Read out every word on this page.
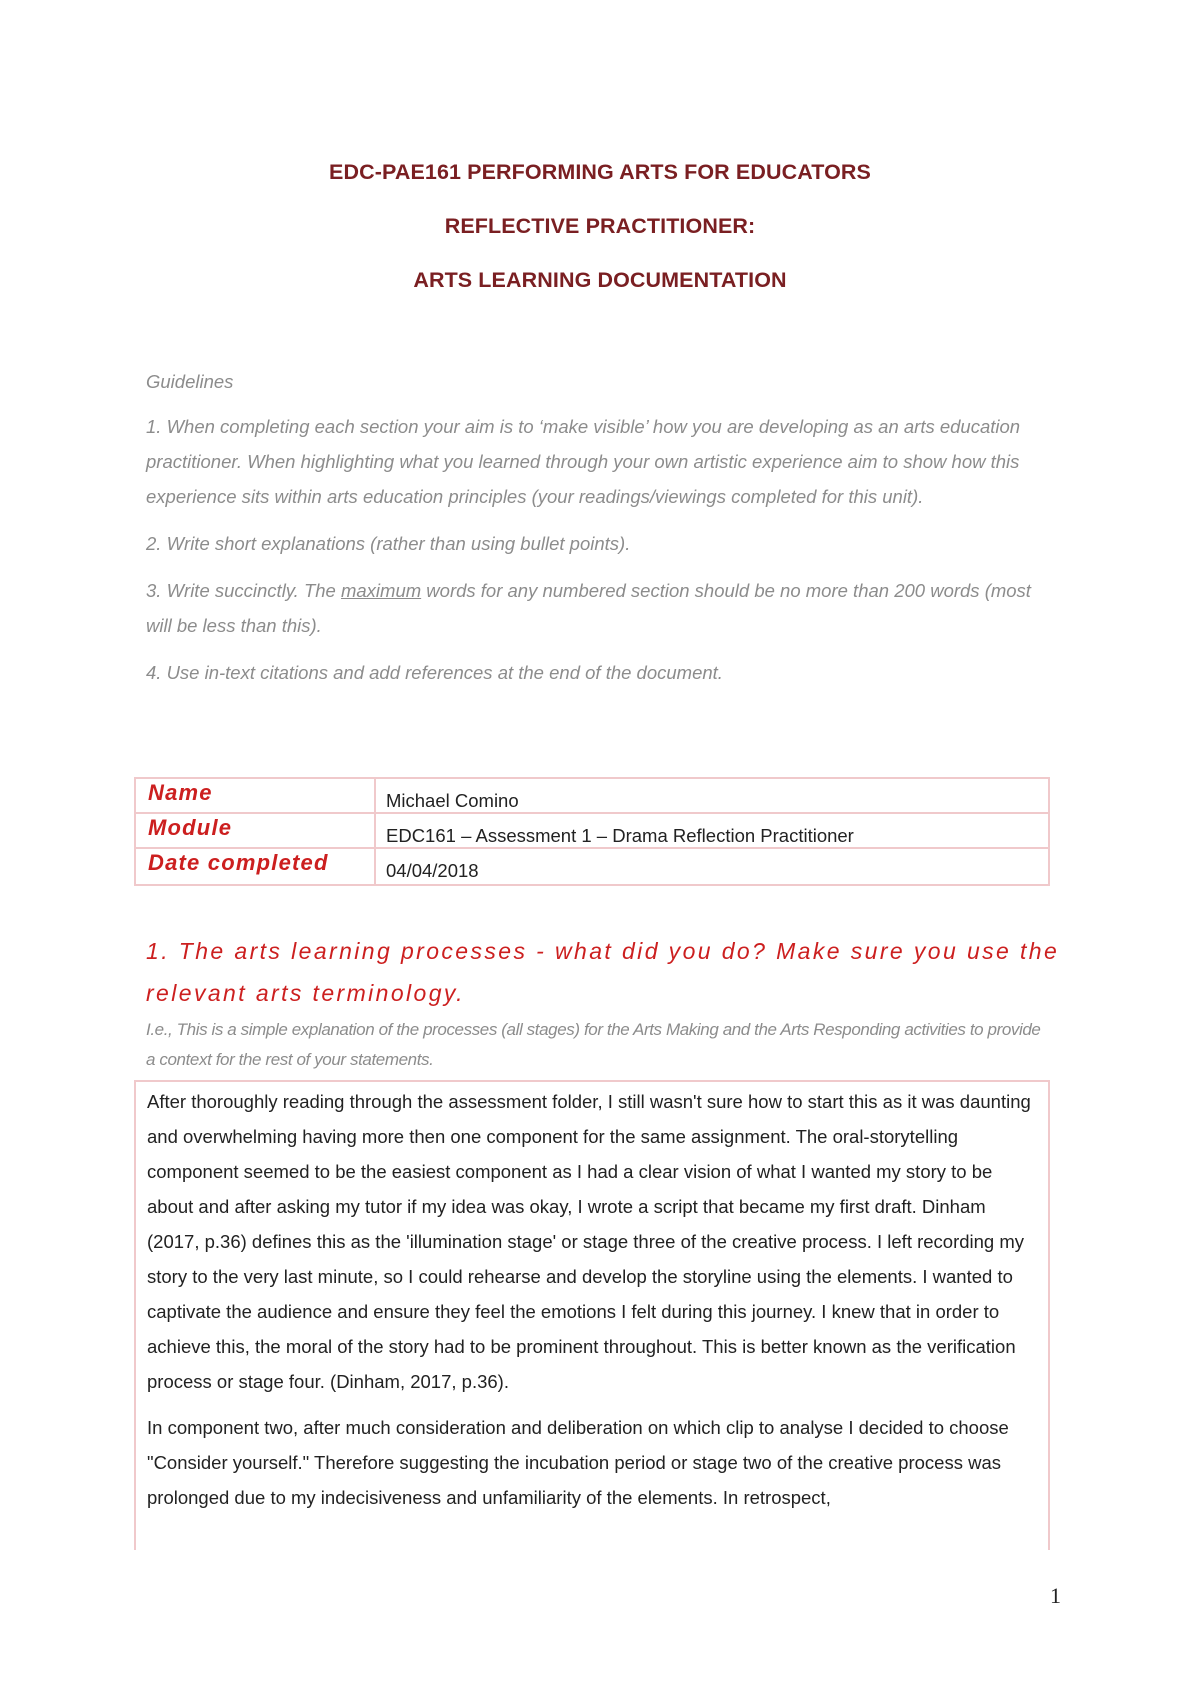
EDC-PAE161 PERFORMING ARTS FOR EDUCATORS
REFLECTIVE PRACTITIONER:
ARTS LEARNING DOCUMENTATION

Guidelines

1. When completing each section your aim is to ‘make visible’ how you are developing as an arts education practitioner. When highlighting what you learned through your own artistic experience aim to show how this experience sits within arts education principles (your readings/viewings completed for this unit).

2. Write short explanations (rather than using bullet points).

3. Write succinctly. The maximum words for any numbered section should be no more than 200 words (most will be less than this).

4. Use in-text citations and add references at the end of the document.

Name	Michael Comino
Module	EDC161 – Assessment 1 – Drama Reflection Practitioner
Date completed	04/04/2018
1. The arts learning processes - what did you do? Make sure you use the relevant arts terminology.
I.e., This is a simple explanation of the processes (all stages) for the Arts Making and the Arts Responding activities to provide a context for the rest of your statements.

After thoroughly reading through the assessment folder, I still wasn't sure how to start this as it was daunting and overwhelming having more then one component for the same assignment. The oral-storytelling component seemed to be the easiest component as I had a clear vision of what I wanted my story to be about and after asking my tutor if my idea was okay, I wrote a script that became my first draft. Dinham (2017, p.36) defines this as the 'illumination stage' or stage three of the creative process. I left recording my story to the very last minute, so I could rehearse and develop the storyline using the elements. I wanted to captivate the audience and ensure they feel the emotions I felt during this journey. I knew that in order to achieve this, the moral of the story had to be prominent throughout. This is better known as the verification process or stage four. (Dinham, 2017, p.36).

In component two, after much consideration and deliberation on which clip to analyse I decided to choose "Consider yourself." Therefore suggesting the incubation period or stage two of the creative process was prolonged due to my indecisiveness and unfamiliarity of the elements. In retrospect,

1
